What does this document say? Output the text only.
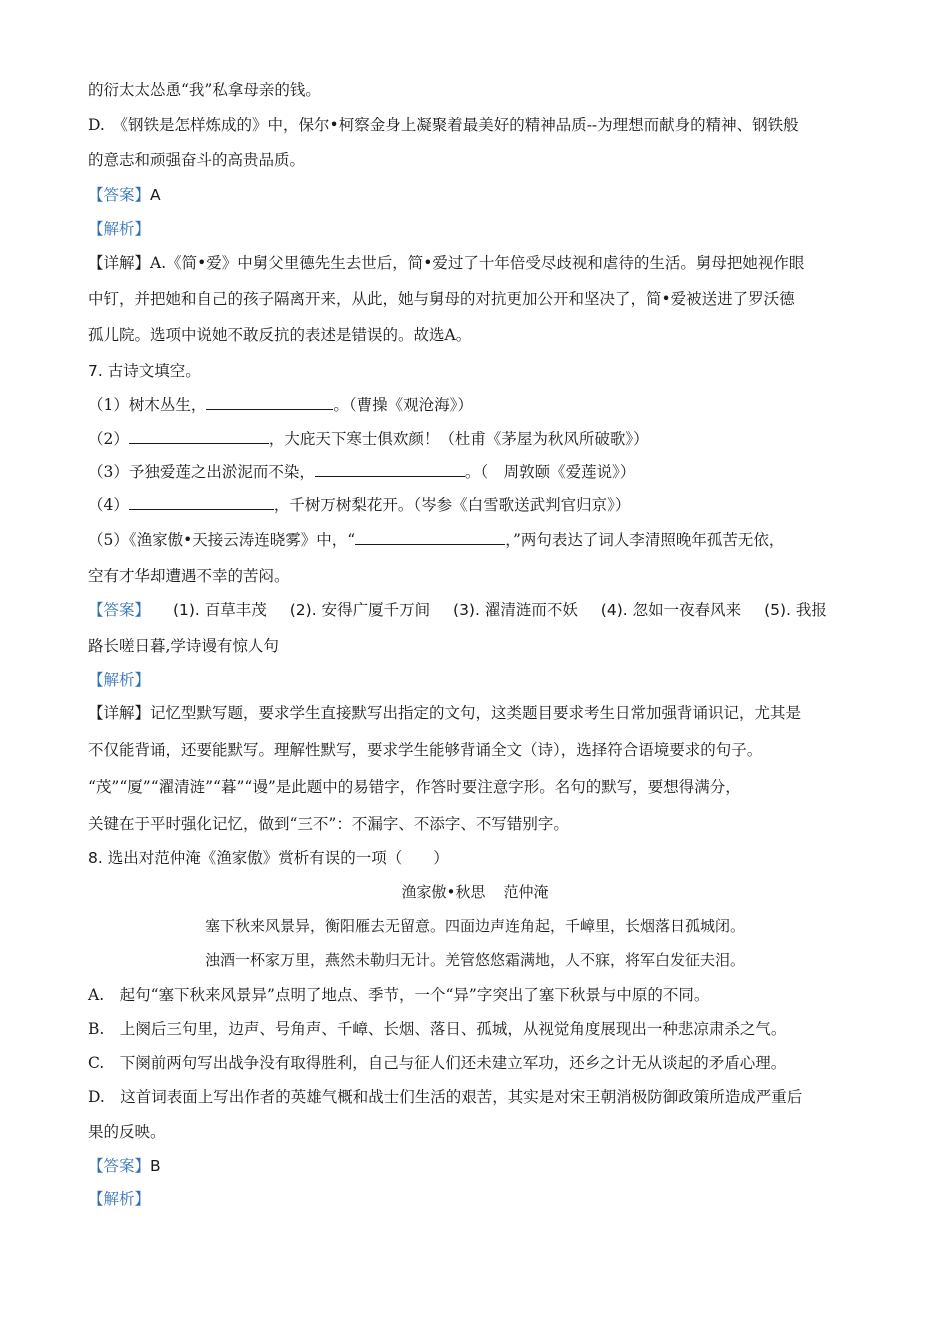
的衍太太怂恿“我”私拿母亲的钱。
D.　《钢铁是怎样炼成的》中，保尔•柯察金身上凝聚着最美好的精神品质--为理想而献身的精神、钢铁般
的意志和顽强奋斗的高贵品质。
【答案】A
【解析】
【详解】A.《简•爱》中舅父里德先生去世后，简•爱过了十年倍受尽歧视和虐待的生活。舅母把她视作眼
中钉，并把她和自己的孩子隔离开来，从此，她与舅母的对抗更加公开和坚决了，简•爱被送进了罗沃德
孤儿院。选项中说她不敢反抗的表述是错误的。故选A。
7. 古诗文填空。
（1）树木丛生，	。（曹操《观沧海》）
（2）	，大庇天下寒士俱欢颜！（杜甫《茅屋为秋风所破歌》）
（3）予独爱莲之出淤泥而不染，	。（　周敦颐《爱莲说》）
（4）	，千树万树梨花开。（岑参《白雪歌送武判官归京》）
（5）《渔家傲•天接云涛连晓雾》中，“	，”两句表达了词人李清照晚年孤苦无依，
空有才华却遭遇不幸的苦闷。
【答案】 (1). 百草丰茂 (2). 安得广厦千万间 (3). 濯清涟而不妖 (4). 忽如一夜春风来 (5). 我报
路长嗟日暮,学诗谩有惊人句
【解析】
【详解】记忆型默写题，要求学生直接默写出指定的文句，这类题目要求考生日常加强背诵识记，尤其是
不仅能背诵，还要能默写。理解性默写，要求学生能够背诵全文（诗），选择符合语境要求的句子。
“茂”“厦”“濯清涟”“暮”“谩”是此题中的易错字，作答时要注意字形。名句的默写，要想得满分，
关键在于平时强化记忆，做到“三不”：不漏字、不添字、不写错别字。
8. 选出对范仲淹《渔家傲》赏析有误的一项（　　）
渔家傲•秋思 范仲淹
塞下秋来风景异，衡阳雁去无留意。四面边声连角起，千嶂里，长烟落日孤城闭。
浊酒一杯家万里，燕然未勒归无计。羌管悠悠霜满地，人不寐，将军白发征夫泪。
A.　起句“塞下秋来风景异”点明了地点、季节，一个“异”字突出了塞下秋景与中原的不同。
B.　上阕后三句里，边声、号角声、千嶂、长烟、落日、孤城，从视觉角度展现出一种悲凉肃杀之气。
C.　下阕前两句写出战争没有取得胜利，自己与征人们还未建立军功，还乡之计无从谈起的矛盾心理。
D.　这首词表面上写出作者的英雄气概和战士们生活的艰苦，其实是对宋王朝消极防御政策所造成严重后
果的反映。
【答案】B
【解析】
